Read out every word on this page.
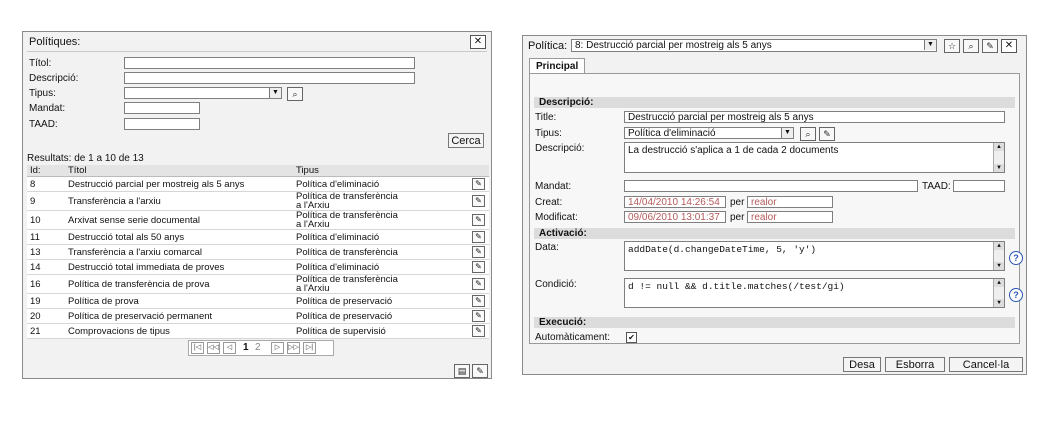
Polítiques:	✕
Títol:
Descripció:
Tipus:	▼	⌕
Mandat:
TAAD:
Cerca
Resultats: de 1 a 10 de 13
Id:	Títol	Tipus		
8	Destrucció parcial per mostreig als 5 anys	Política d'eliminació		✎
9	Transferència a l'arxiu	Política de transferència a l'Arxiu		✎
10	Arxivat sense serie documental	Política de transferència a l'Arxiu		✎
11	Destrucció total als 50 anys	Política d'eliminació		✎
13	Transferència a l'arxiu comarcal	Política de transferència		✎
14	Destrucció total immediata de proves	Política d'eliminació		✎
16	Política de transferència de prova	Política de transferència a l'Arxiu		✎
19	Política de prova	Política de preservació		✎
20	Política de preservació permanent	Política de preservació		✎
21	Comprovacions de tipus	Política de supervisió		✎
|◁	◁◁	◁	1 2	▷	▷▷	▷|
▤	✎
Política: 8: Destrucció parcial per mostreig als 5 anys	▼	☆	⌕	✎	✕
Principal
Descripció:
Title:	Destrucció parcial per mostreig als 5 anys
Tipus:	Política d'eliminació	▼	⌕	✎
Descripció:	La destrucció s'aplica a 1 de cada 2 documents	▲
▼
Mandat:	TAAD:
Creat:	14/04/2010 14:26:54	per realor
Modificat:	09/06/2010 13:01:37	per realor
Activació:
Data:	addDate(d.changeDateTime, 5, 'y')	▲
▼
?
Condició:	d != null && d.title.matches(/test/gi)	▲
▼
?
Execució:
Automàticament: ✔
Desa	Esborra	Cancel·la
